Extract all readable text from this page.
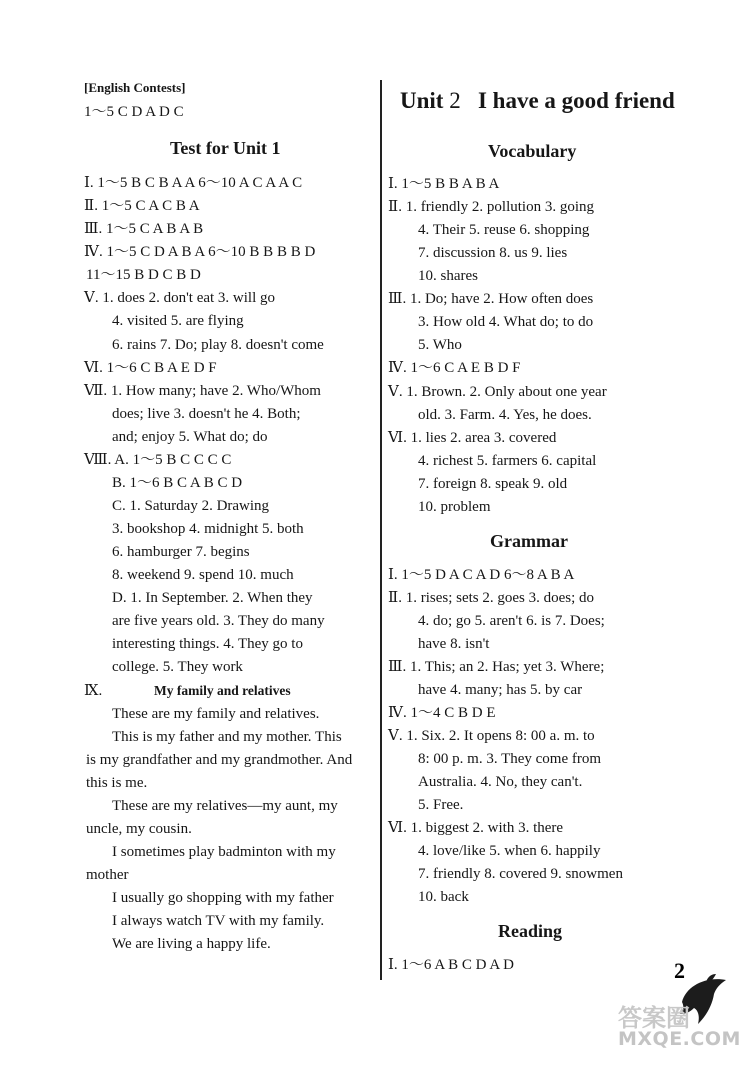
[English Contests]
1～5 C D A D C
Test for Unit 1
Ⅰ. 1～5 B C B A A 6～10 A C A A C
Ⅱ. 1～5 C A C B A
Ⅲ. 1～5 C A B A B
Ⅳ. 1～5 C D A B A 6～10 B B B B D
11～15 B D C B D
Ⅴ. 1. does 2. don't eat 3. will go
4. visited 5. are flying
6. rains 7. Do; play 8. doesn't come
Ⅵ. 1～6 C B A E D F
Ⅶ. 1. How many; have 2. Who/Whom
does; live 3. doesn't he 4. Both;
and; enjoy 5. What do; do
Ⅷ. A. 1～5 B C C C C
B. 1～6 B C A B C D
C. 1. Saturday 2. Drawing
3. bookshop 4. midnight 5. both
6. hamburger 7. begins
8. weekend 9. spend 10. much
D. 1. In September. 2. When they
are five years old. 3. They do many
interesting things. 4. They go to
college. 5. They work
Ⅸ.	My family and relatives
These are my family and relatives.
This is my father and my mother. This
is my grandfather and my grandmother. And
this is me.
These are my relatives—my aunt, my
uncle, my cousin.
I sometimes play badminton with my
mother
I usually go shopping with my father
I always watch TV with my family.
We are living a happy life.
Unit 2 I have a good friend
Vocabulary
Ⅰ. 1～5 B B A B A
Ⅱ. 1. friendly 2. pollution 3. going
4. Their 5. reuse 6. shopping
7. discussion 8. us 9. lies
10. shares
Ⅲ. 1. Do; have 2. How often does
3. How old 4. What do; to do
5. Who
Ⅳ. 1～6 C A E B D F
Ⅴ. 1. Brown. 2. Only about one year
old. 3. Farm. 4. Yes, he does.
Ⅵ. 1. lies 2. area 3. covered
4. richest 5. farmers 6. capital
7. foreign 8. speak 9. old
10. problem
Grammar
Ⅰ. 1～5 D A C A D 6～8 A B A
Ⅱ. 1. rises; sets 2. goes 3. does; do
4. do; go 5. aren't 6. is 7. Does;
have 8. isn't
Ⅲ. 1. This; an 2. Has; yet 3. Where;
have 4. many; has 5. by car
Ⅳ. 1～4 C B D E
Ⅴ. 1. Six. 2. It opens 8: 00 a. m. to
8: 00 p. m. 3. They come from
Australia. 4. No, they can't.
5. Free.
Ⅵ. 1. biggest 2. with 3. there
4. love/like 5. when 6. happily
7. friendly 8. covered 9. snowmen
10. back
Reading
Ⅰ. 1～6 A B C D A D	2
答案圈
MXQE.COM
